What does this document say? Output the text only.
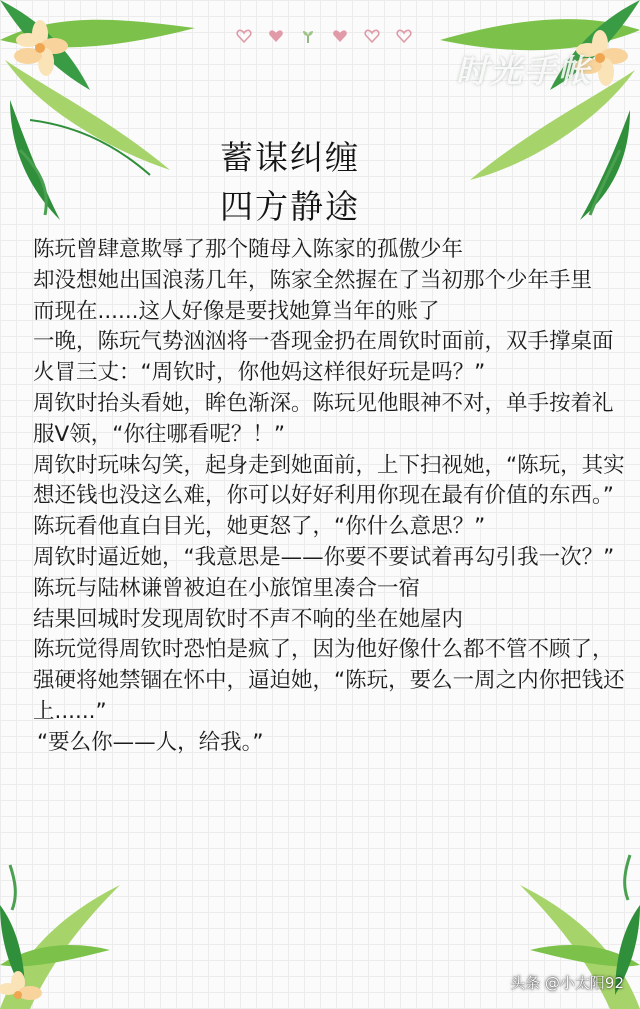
时光手帐
蓄谋纠缠
四方静途

陈玩曾肆意欺辱了那个随母入陈家的孤傲少年

却没想她出国浪荡几年，陈家全然握在了当初那个少年手里

而现在......这人好像是要找她算当年的账了

一晚，陈玩气势汹汹将一沓现金扔在周钦时面前，双手撑桌面火冒三丈：“周钦时，你他妈这样很好玩是吗？”

周钦时抬头看她，眸色渐深。陈玩见他眼神不对，单手按着礼服V领，“你往哪看呢？！”

周钦时玩味勾笑，起身走到她面前，上下扫视她，“陈玩，其实想还钱也没这么难，你可以好好利用你现在最有价值的东西。”

陈玩看他直白目光，她更怒了，“你什么意思？”

周钦时逼近她，“我意思是——你要不要试着再勾引我一次？”

陈玩与陆林谦曾被迫在小旅馆里凑合一宿

结果回城时发现周钦时不声不响的坐在她屋内

陈玩觉得周钦时恐怕是疯了，因为他好像什么都不管不顾了，强硬将她禁锢在怀中，逼迫她，“陈玩，要么一周之内你把钱还上......”

“要么你——人，给我。”

头条 @小太阳92
